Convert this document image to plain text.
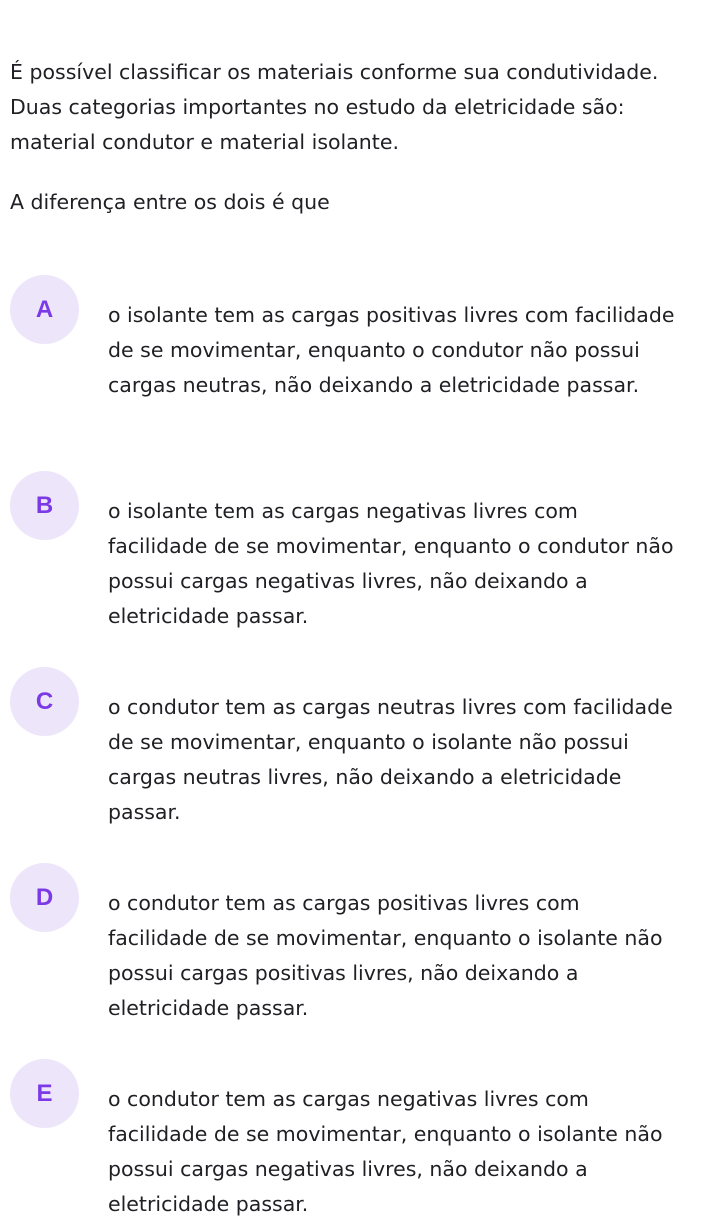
É possível classificar os materiais conforme sua condutividade. Duas categorias importantes no estudo da eletricidade são: material condutor e material isolante.

A diferença entre os dois é que

A	o isolante tem as cargas positivas livres com facilidade de se movimentar, enquanto o condutor não possui cargas neutras, não deixando a eletricidade passar.

B	o isolante tem as cargas negativas livres com facilidade de se movimentar, enquanto o condutor não possui cargas negativas livres, não deixando a eletricidade passar.

C	o condutor tem as cargas neutras livres com facilidade de se movimentar, enquanto o isolante não possui cargas neutras livres, não deixando a eletricidade passar.

D	o condutor tem as cargas positivas livres com facilidade de se movimentar, enquanto o isolante não possui cargas positivas livres, não deixando a eletricidade passar.

E	o condutor tem as cargas negativas livres com facilidade de se movimentar, enquanto o isolante não possui cargas negativas livres, não deixando a eletricidade passar.
